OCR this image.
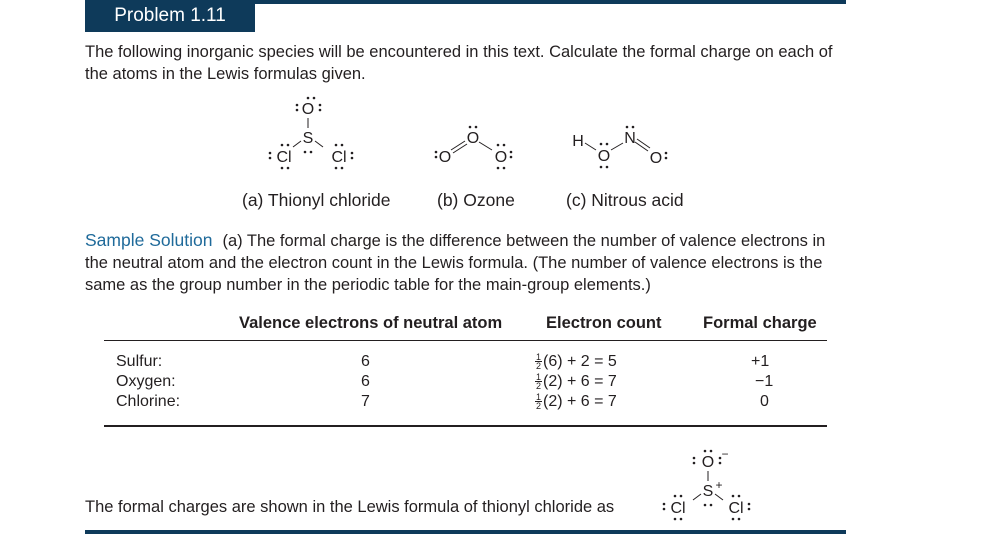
Problem 1.11

The following inorganic species will be encountered in this text. Calculate the formal charge on each of the atoms in the Lewis formulas given.

O
S
Cl Cl	O
O
O
H
O
N
O
(a) Thionyl chloride	(b) Ozone	(c) Nitrous acid

Sample Solution (a) The formal charge is the difference between the number of valence electrons in the neutral atom and the electron count in the Lewis formula. (The number of valence electrons is the same as the group number in the periodic table for the main-group elements.)

Valence electrons of neutral atom	Electron count	Formal charge
Sulfur:	6	$\frac{1}{2} (6) + 2 = 5$	+1
Oxygen:	6	$\frac{1}{2} (2) + 6 = 7$	−1
Chlorine:	7	$\frac{1}{2} (2) + 6 = 7$	0
The formal charges are shown in the Lewis formula of thionyl chloride as
O −
S +
Cl	Cl
